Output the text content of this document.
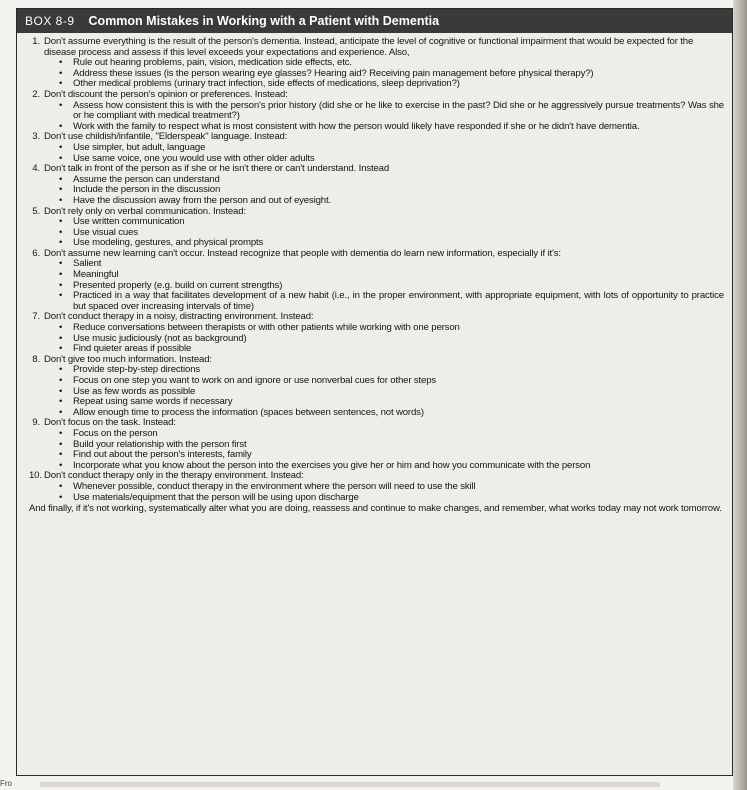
BOX 8-9 Common Mistakes in Working with a Patient with Dementia
1. Don't assume everything is the result of the person's dementia. Instead, anticipate the level of cognitive or functional impairment that would be expected for the disease process and assess if this level exceeds your expectations and experience. Also,
•	Rule out hearing problems, pain, vision, medication side effects, etc.
•	Address these issues (is the person wearing eye glasses? Hearing aid? Receiving pain management before physical therapy?)
•	Other medical problems (urinary tract infection, side effects of medications, sleep deprivation?)
2. Don't discount the person's opinion or preferences. Instead:
•	Assess how consistent this is with the person's prior history (did she or he like to exercise in the past? Did she or he aggressively pursue treatments? Was she or he compliant with medical treatment?)
•	Work with the family to respect what is most consistent with how the person would likely have responded if she or he didn't have dementia.
3. Don't use childish/infantile, "Elderspeak" language. Instead:
•	Use simpler, but adult, language
•	Use same voice, one you would use with other older adults
4. Don't talk in front of the person as if she or he isn't there or can't understand. Instead
•	Assume the person can understand
•	Include the person in the discussion
•	Have the discussion away from the person and out of eyesight.
5. Don't rely only on verbal communication. Instead:
•	Use written communication
•	Use visual cues
•	Use modeling, gestures, and physical prompts
6. Don't assume new learning can't occur. Instead recognize that people with dementia do learn new information, especially if it's:
•	Salient
•	Meaningful
•	Presented properly (e.g. build on current strengths)
•	Practiced in a way that facilitates development of a new habit (i.e., in the proper environment, with appropriate equipment, with lots of opportunity to practice but spaced over increasing intervals of time)
7. Don't conduct therapy in a noisy, distracting environment. Instead:
•	Reduce conversations between therapists or with other patients while working with one person
•	Use music judiciously (not as background)
•	Find quieter areas if possible
8. Don't give too much information. Instead:
•	Provide step-by-step directions
•	Focus on one step you want to work on and ignore or use nonverbal cues for other steps
•	Use as few words as possible
•	Repeat using same words if necessary
•	Allow enough time to process the information (spaces between sentences, not words)
9. Don't focus on the task. Instead:
•	Focus on the person
•	Build your relationship with the person first
•	Find out about the person's interests, family
•	Incorporate what you know about the person into the exercises you give her or him and how you communicate with the person
10. Don't conduct therapy only in the therapy environment. Instead:
•	Whenever possible, conduct therapy in the environment where the person will need to use the skill
•	Use materials/equipment that the person will be using upon discharge
And finally, if it's not working, systematically alter what you are doing, reassess and continue to make changes, and remember, what works today may not work tomorrow.
Fro
